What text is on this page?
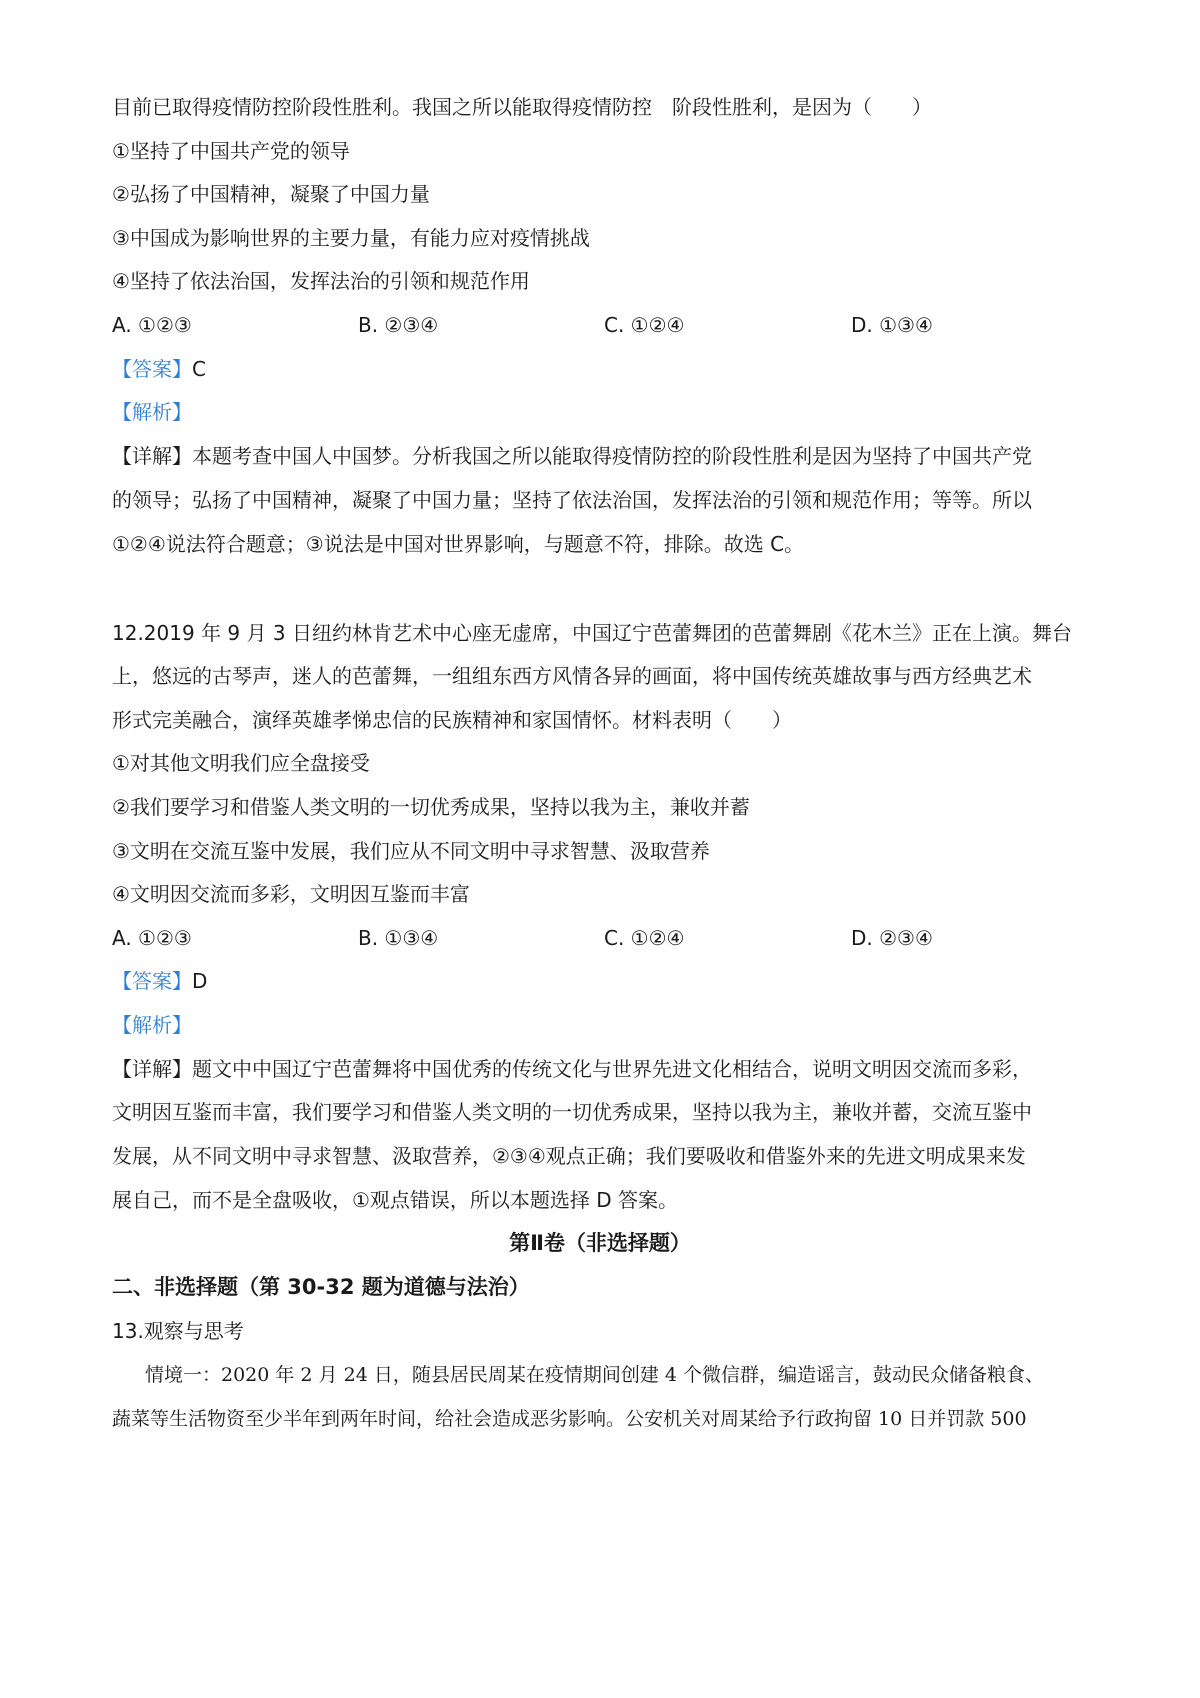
目前已取得疫情防控阶段性胜利。我国之所以能取得疫情防控　阶段性胜利，是因为（　　）
①坚持了中国共产党的领导
②弘扬了中国精神，凝聚了中国力量
③中国成为影响世界的主要力量，有能力应对疫情挑战
④坚持了依法治国，发挥法治的引领和规范作用
A. ①②③	B. ②③④	C. ①②④	D. ①③④
【答案】C
【解析】
【详解】本题考查中国人中国梦。分析我国之所以能取得疫情防控的阶段性胜利是因为坚持了中国共产党
的领导；弘扬了中国精神，凝聚了中国力量；坚持了依法治国，发挥法治的引领和规范作用；等等。所以
①②④说法符合题意；③说法是中国对世界影响，与题意不符，排除。故选 C。
12.2019 年 9 月 3 日纽约林肯艺术中心座无虚席，中国辽宁芭蕾舞团的芭蕾舞剧《花木兰》正在上演。舞台
上，悠远的古琴声，迷人的芭蕾舞，一组组东西方风情各异的画面，将中国传统英雄故事与西方经典艺术
形式完美融合，演绎英雄孝悌忠信的民族精神和家国情怀。材料表明（　　）
①对其他文明我们应全盘接受
②我们要学习和借鉴人类文明的一切优秀成果，坚持以我为主，兼收并蓄
③文明在交流互鉴中发展，我们应从不同文明中寻求智慧、汲取营养
④文明因交流而多彩，文明因互鉴而丰富
A. ①②③	B. ①③④	C. ①②④	D. ②③④
【答案】D
【解析】
【详解】题文中中国辽宁芭蕾舞将中国优秀的传统文化与世界先进文化相结合，说明文明因交流而多彩，
文明因互鉴而丰富，我们要学习和借鉴人类文明的一切优秀成果，坚持以我为主，兼收并蓄，交流互鉴中
发展，从不同文明中寻求智慧、汲取营养，②③④观点正确；我们要吸收和借鉴外来的先进文明成果来发
展自己，而不是全盘吸收，①观点错误，所以本题选择 D 答案。
第Ⅱ卷（非选择题）
二、非选择题（第 30-32 题为道德与法治）
13.观察与思考
情境一：2020 年 2 月 24 日，随县居民周某在疫情期间创建 4 个微信群，编造谣言，鼓动民众储备粮食、
蔬菜等生活物资至少半年到两年时间，给社会造成恶劣影响。公安机关对周某给予行政拘留 10 日并罚款 500
